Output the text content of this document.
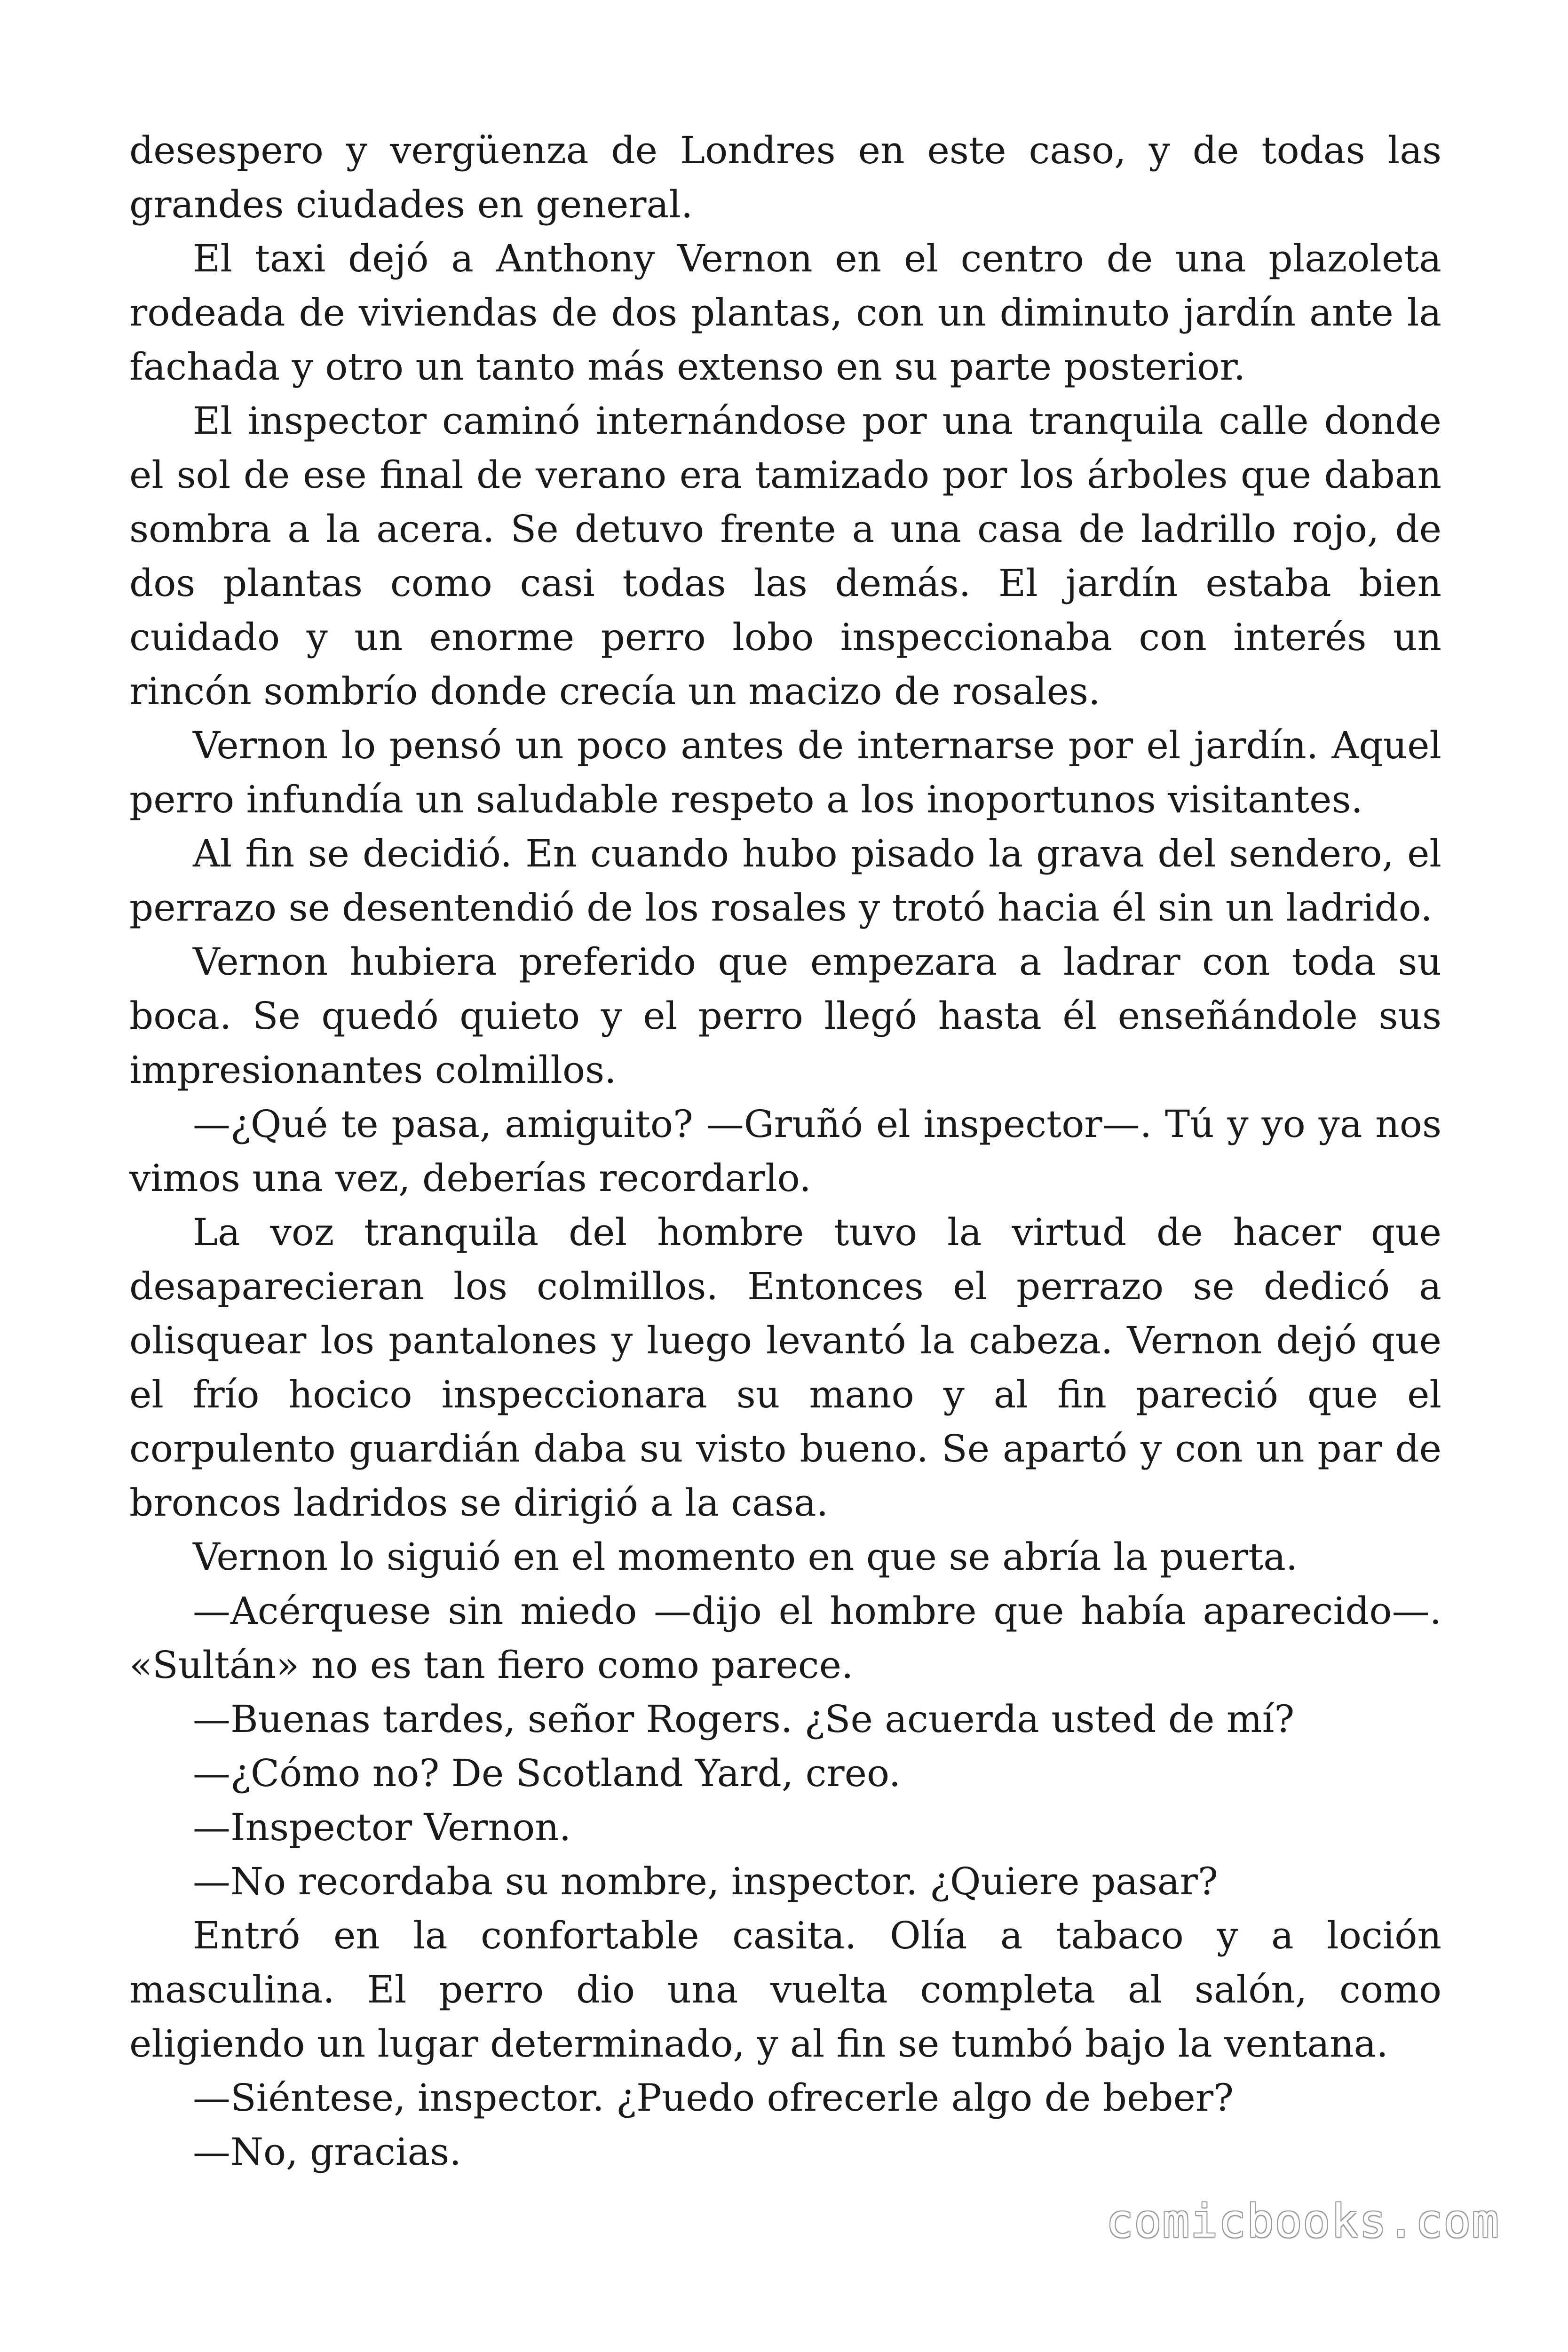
desespero y vergüenza de Londres en este caso, y de todas las grandes ciudades en general.

El taxi dejó a Anthony Vernon en el centro de una plazoleta rodeada de viviendas de dos plantas, con un diminuto jardín ante la fachada y otro un tanto más extenso en su parte posterior.

El inspector caminó internándose por una tranquila calle donde el sol de ese final de verano era tamizado por los árboles que daban sombra a la acera. Se detuvo frente a una casa de ladrillo rojo, de dos plantas como casi todas las demás. El jardín estaba bien cuidado y un enorme perro lobo inspeccionaba con interés un rincón sombrío donde crecía un macizo de rosales.

Vernon lo pensó un poco antes de internarse por el jardín. Aquel perro infundía un saludable respeto a los inoportunos visitantes.

Al fin se decidió. En cuando hubo pisado la grava del sendero, el perrazo se desentendió de los rosales y trotó hacia él sin un ladrido.

Vernon hubiera preferido que empezara a ladrar con toda su boca. Se quedó quieto y el perro llegó hasta él enseñándole sus impresionantes colmillos.

—¿Qué te pasa, amiguito? —Gruñó el inspector—. Tú y yo ya nos vimos una vez, deberías recordarlo.

La voz tranquila del hombre tuvo la virtud de hacer que desaparecieran los colmillos. Entonces el perrazo se dedicó a olisquear los pantalones y luego levantó la cabeza. Vernon dejó que el frío hocico inspeccionara su mano y al fin pareció que el corpulento guardián daba su visto bueno. Se apartó y con un par de broncos ladridos se dirigió a la casa.

Vernon lo siguió en el momento en que se abría la puerta.

—Acérquese sin miedo —dijo el hombre que había aparecido—. «Sultán» no es tan fiero como parece.

—Buenas tardes, señor Rogers. ¿Se acuerda usted de mí?

—¿Cómo no? De Scotland Yard, creo.

—Inspector Vernon.

—No recordaba su nombre, inspector. ¿Quiere pasar?

Entró en la confortable casita. Olía a tabaco y a loción masculina. El perro dio una vuelta completa al salón, como eligiendo un lugar determinado, y al fin se tumbó bajo la ventana.

—Siéntese, inspector. ¿Puedo ofrecerle algo de beber?

—No, gracias.

comicbooks.com
